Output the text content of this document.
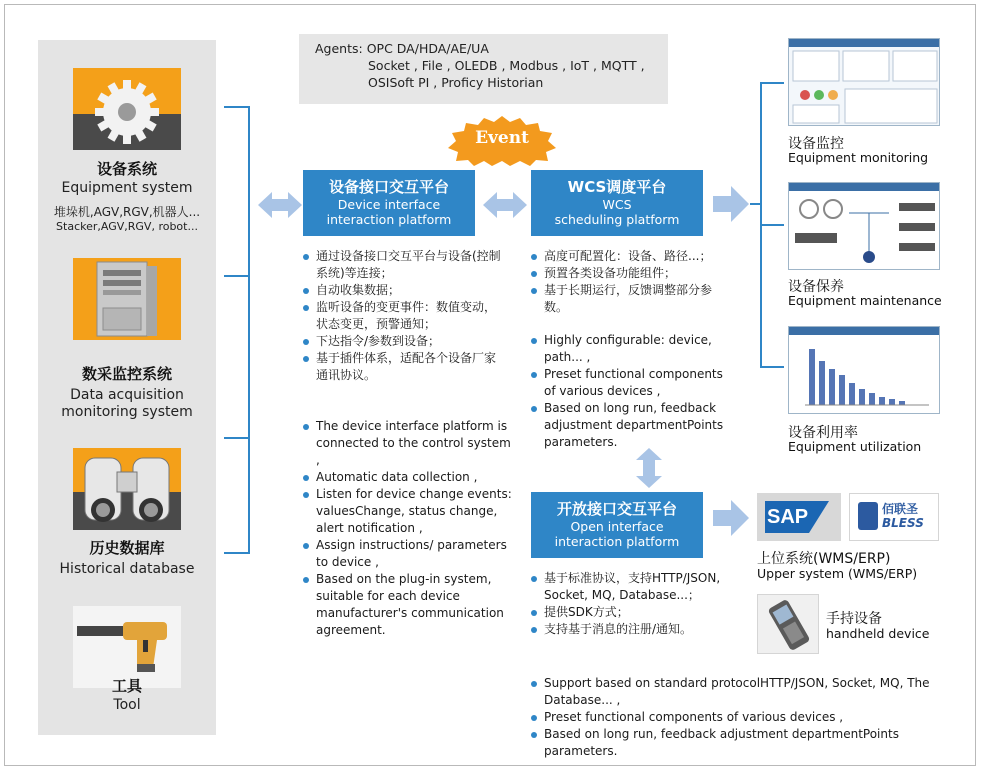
设备系统
Equipment system
堆垛机,AGV,RGV,机器人...
Stacker,AGV,RGV, robot...
数采监控系统
Data acquisition
monitoring system
历史数据库
Historical database
工具
Tool
Agents: OPC DA/HDA/AE/UA
Socket , File , OLEDB , Modbus , IoT , MQTT ,
OSISoft PI , Proficy Historian
Event
设备接口交互平台
Device interface
interaction platform
通过设备接口交互平台与设备(控制系统)等连接；
自动收集数据；
监听设备的变更事件：数值变动，状态变更，预警通知；
下达指令/参数到设备；
基于插件体系，适配各个设备厂家通讯协议。
The device interface platform is connected to the control system ,
Automatic data collection ,
Listen for device change events: valuesChange, status change, alert notification ,
Assign instructions/ parameters to device ,
Based on the plug-in system, suitable for each device manufacturer's communication agreement.
WCS调度平台
WCS
scheduling platform
高度可配置化：设备、路径...；
预置各类设备功能组件；
基于长期运行，反馈调整部分参数。
Highly configurable: device, path... ,
Preset functional components of various devices ,
Based on long run, feedback adjustment departmentPoints parameters.
开放接口交互平台
Open interface
interaction platform
基于标准协议，支持HTTP/JSON, Socket, MQ, Database...；
提供SDK方式；
支持基于消息的注册/通知。
Support based on standard protocolHTTP/JSON, Socket, MQ, The Database... ,
Preset functional components of various devices ,
Based on long run, feedback adjustment departmentPoints parameters.
设备监控
Equipment monitoring
设备保养
Equipment maintenance
设备利用率
Equipment utilization
SAP	佰联圣
BLESS
上位系统(WMS/ERP)
Upper system (WMS/ERP)
手持设备
handheld device
